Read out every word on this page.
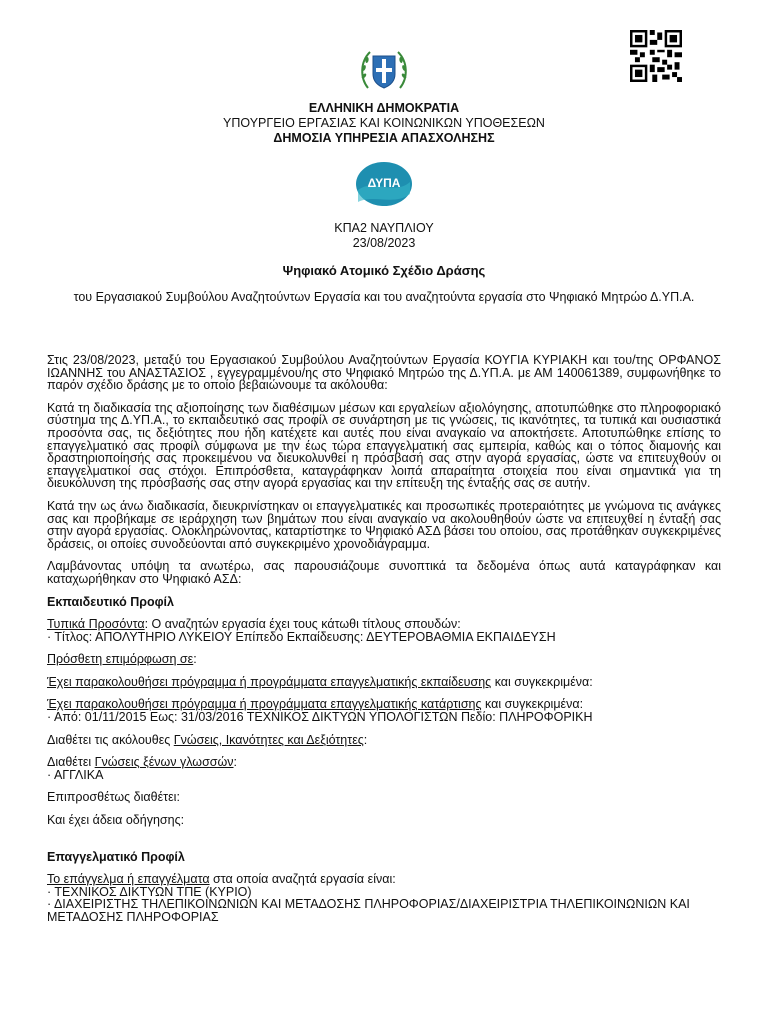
ΕΛΛΗΝΙΚΗ ΔΗΜΟΚΡΑΤΙΑ
ΥΠΟΥΡΓΕΙΟ ΕΡΓΑΣΙΑΣ ΚΑΙ ΚΟΙΝΩΝΙΚΩΝ ΥΠΟΘΕΣΕΩΝ
ΔΗΜΟΣΙΑ ΥΠΗΡΕΣΙΑ ΑΠΑΣΧΟΛΗΣΗΣ
ΔΥΠΑ
ΚΠΑ2 ΝΑΥΠΛΙΟΥ
23/08/2023
Ψηφιακό Ατομικό Σχέδιο Δράσης
του Εργασιακού Συμβούλου Αναζητούντων Εργασία και του αναζητούντα εργασία στο Ψηφιακό Μητρώο Δ.ΥΠ.Α.

Στις 23/08/2023, μεταξύ του Εργασιακού Συμβούλου Αναζητούντων Εργασία ΚΟΥΓΙΑ ΚΥΡΙΑΚΗ και του/της ΟΡΦΑΝΟΣ ΙΩΑΝΝΗΣ του ΑΝΑΣΤΑΣΙΟΣ , εγγεγραμμένου/ης στο Ψηφιακό Μητρώο της Δ.ΥΠ.Α. με ΑΜ 140061389, συμφωνήθηκε το παρόν σχέδιο δράσης με το οποίο βεβαιώνουμε τα ακόλουθα:

Κατά τη διαδικασία της αξιοποίησης των διαθέσιμων μέσων και εργαλείων αξιολόγησης, αποτυπώθηκε στο πληροφοριακό σύστημα της Δ.ΥΠ.Α., το εκπαιδευτικό σας προφίλ σε συνάρτηση με τις γνώσεις, τις ικανότητες, τα τυπικά και ουσιαστικά προσόντα σας, τις δεξιότητες που ήδη κατέχετε και αυτές που είναι αναγκαίο να αποκτήσετε. Αποτυπώθηκε επίσης το επαγγελματικό σας προφίλ σύμφωνα με την έως τώρα επαγγελματική σας εμπειρία, καθώς και ο τόπος διαμονής και δραστηριοποίησής σας προκειμένου να διευκολυνθεί η πρόσβασή σας στην αγορά εργασίας, ώστε να επιτευχθούν οι επαγγελματικοί σας στόχοι. Επιπρόσθετα, καταγράφηκαν λοιπά απαραίτητα στοιχεία που είναι σημαντικά για τη διευκόλυνση της πρόσβασής σας στην αγορά εργασίας και την επίτευξη της ένταξής σας σε αυτήν.

Κατά την ως άνω διαδικασία, διευκρινίστηκαν οι επαγγελματικές και προσωπικές προτεραιότητες με γνώμονα τις ανάγκες σας και προβήκαμε σε ιεράρχηση των βημάτων που είναι αναγκαίο να ακολουθηθούν ώστε να επιτευχθεί η ένταξή σας στην αγορά εργασίας. Ολοκληρώνοντας, καταρτίστηκε το Ψηφιακό ΑΣΔ βάσει του οποίου, σας προτάθηκαν συγκεκριμένες δράσεις, οι οποίες συνοδεύονται από συγκεκριμένο χρονοδιάγραμμα.

Λαμβάνοντας υπόψη τα ανωτέρω, σας παρουσιάζουμε συνοπτικά τα δεδομένα όπως αυτά καταγράφηκαν και καταχωρήθηκαν στο Ψηφιακό ΑΣΔ:

Εκπαιδευτικό Προφίλ
Τυπικά Προσόντα: Ο αναζητών εργασία έχει τους κάτωθι τίτλους σπουδών:
· Τίτλος: ΑΠΟΛΥΤΗΡΙΟ ΛΥΚΕΙΟΥ Επίπεδο Εκπαίδευσης: ΔΕΥΤΕΡΟΒΑΘΜΙΑ ΕΚΠΑΙΔΕΥΣΗ
Πρόσθετη επιμόρφωση σε:
Έχει παρακολουθήσει πρόγραμμα ή προγράμματα επαγγελματικής εκπαίδευσης και συγκεκριμένα:
Έχει παρακολουθήσει πρόγραμμα ή προγράμματα επαγγελματικής κατάρτισης και συγκεκριμένα:
· Από: 01/11/2015 Εως: 31/03/2016 ΤΕΧΝΙΚΟΣ ΔΙΚΤΥΩΝ ΥΠΟΛΟΓΙΣΤΩΝ Πεδίο: ΠΛΗΡΟΦΟΡΙΚΗ
Διαθέτει τις ακόλουθες Γνώσεις, Ικανότητες και Δεξιότητες:
Διαθέτει Γνώσεις ξένων γλωσσών:
· ΑΓΓΛΙΚΑ
Επιπροσθέτως διαθέτει:
Και έχει άδεια οδήγησης:
Επαγγελματικό Προφίλ
Το επάγγελμα ή επαγγέλματα στα οποία αναζητά εργασία είναι:
· ΤΕΧΝΙΚΟΣ ΔΙΚΤΥΩΝ ΤΠΕ (ΚΥΡΙΟ)
· ΔΙΑΧΕΙΡΙΣΤΗΣ ΤΗΛΕΠΙΚΟΙΝΩΝΙΩΝ ΚΑΙ ΜΕΤΑΔΟΣΗΣ ΠΛΗΡΟΦΟΡΙΑΣ/ΔΙΑΧΕΙΡΙΣΤΡΙΑ ΤΗΛΕΠΙΚΟΙΝΩΝΙΩΝ ΚΑΙ ΜΕΤΑΔΟΣΗΣ ΠΛΗΡΟΦΟΡΙΑΣ
